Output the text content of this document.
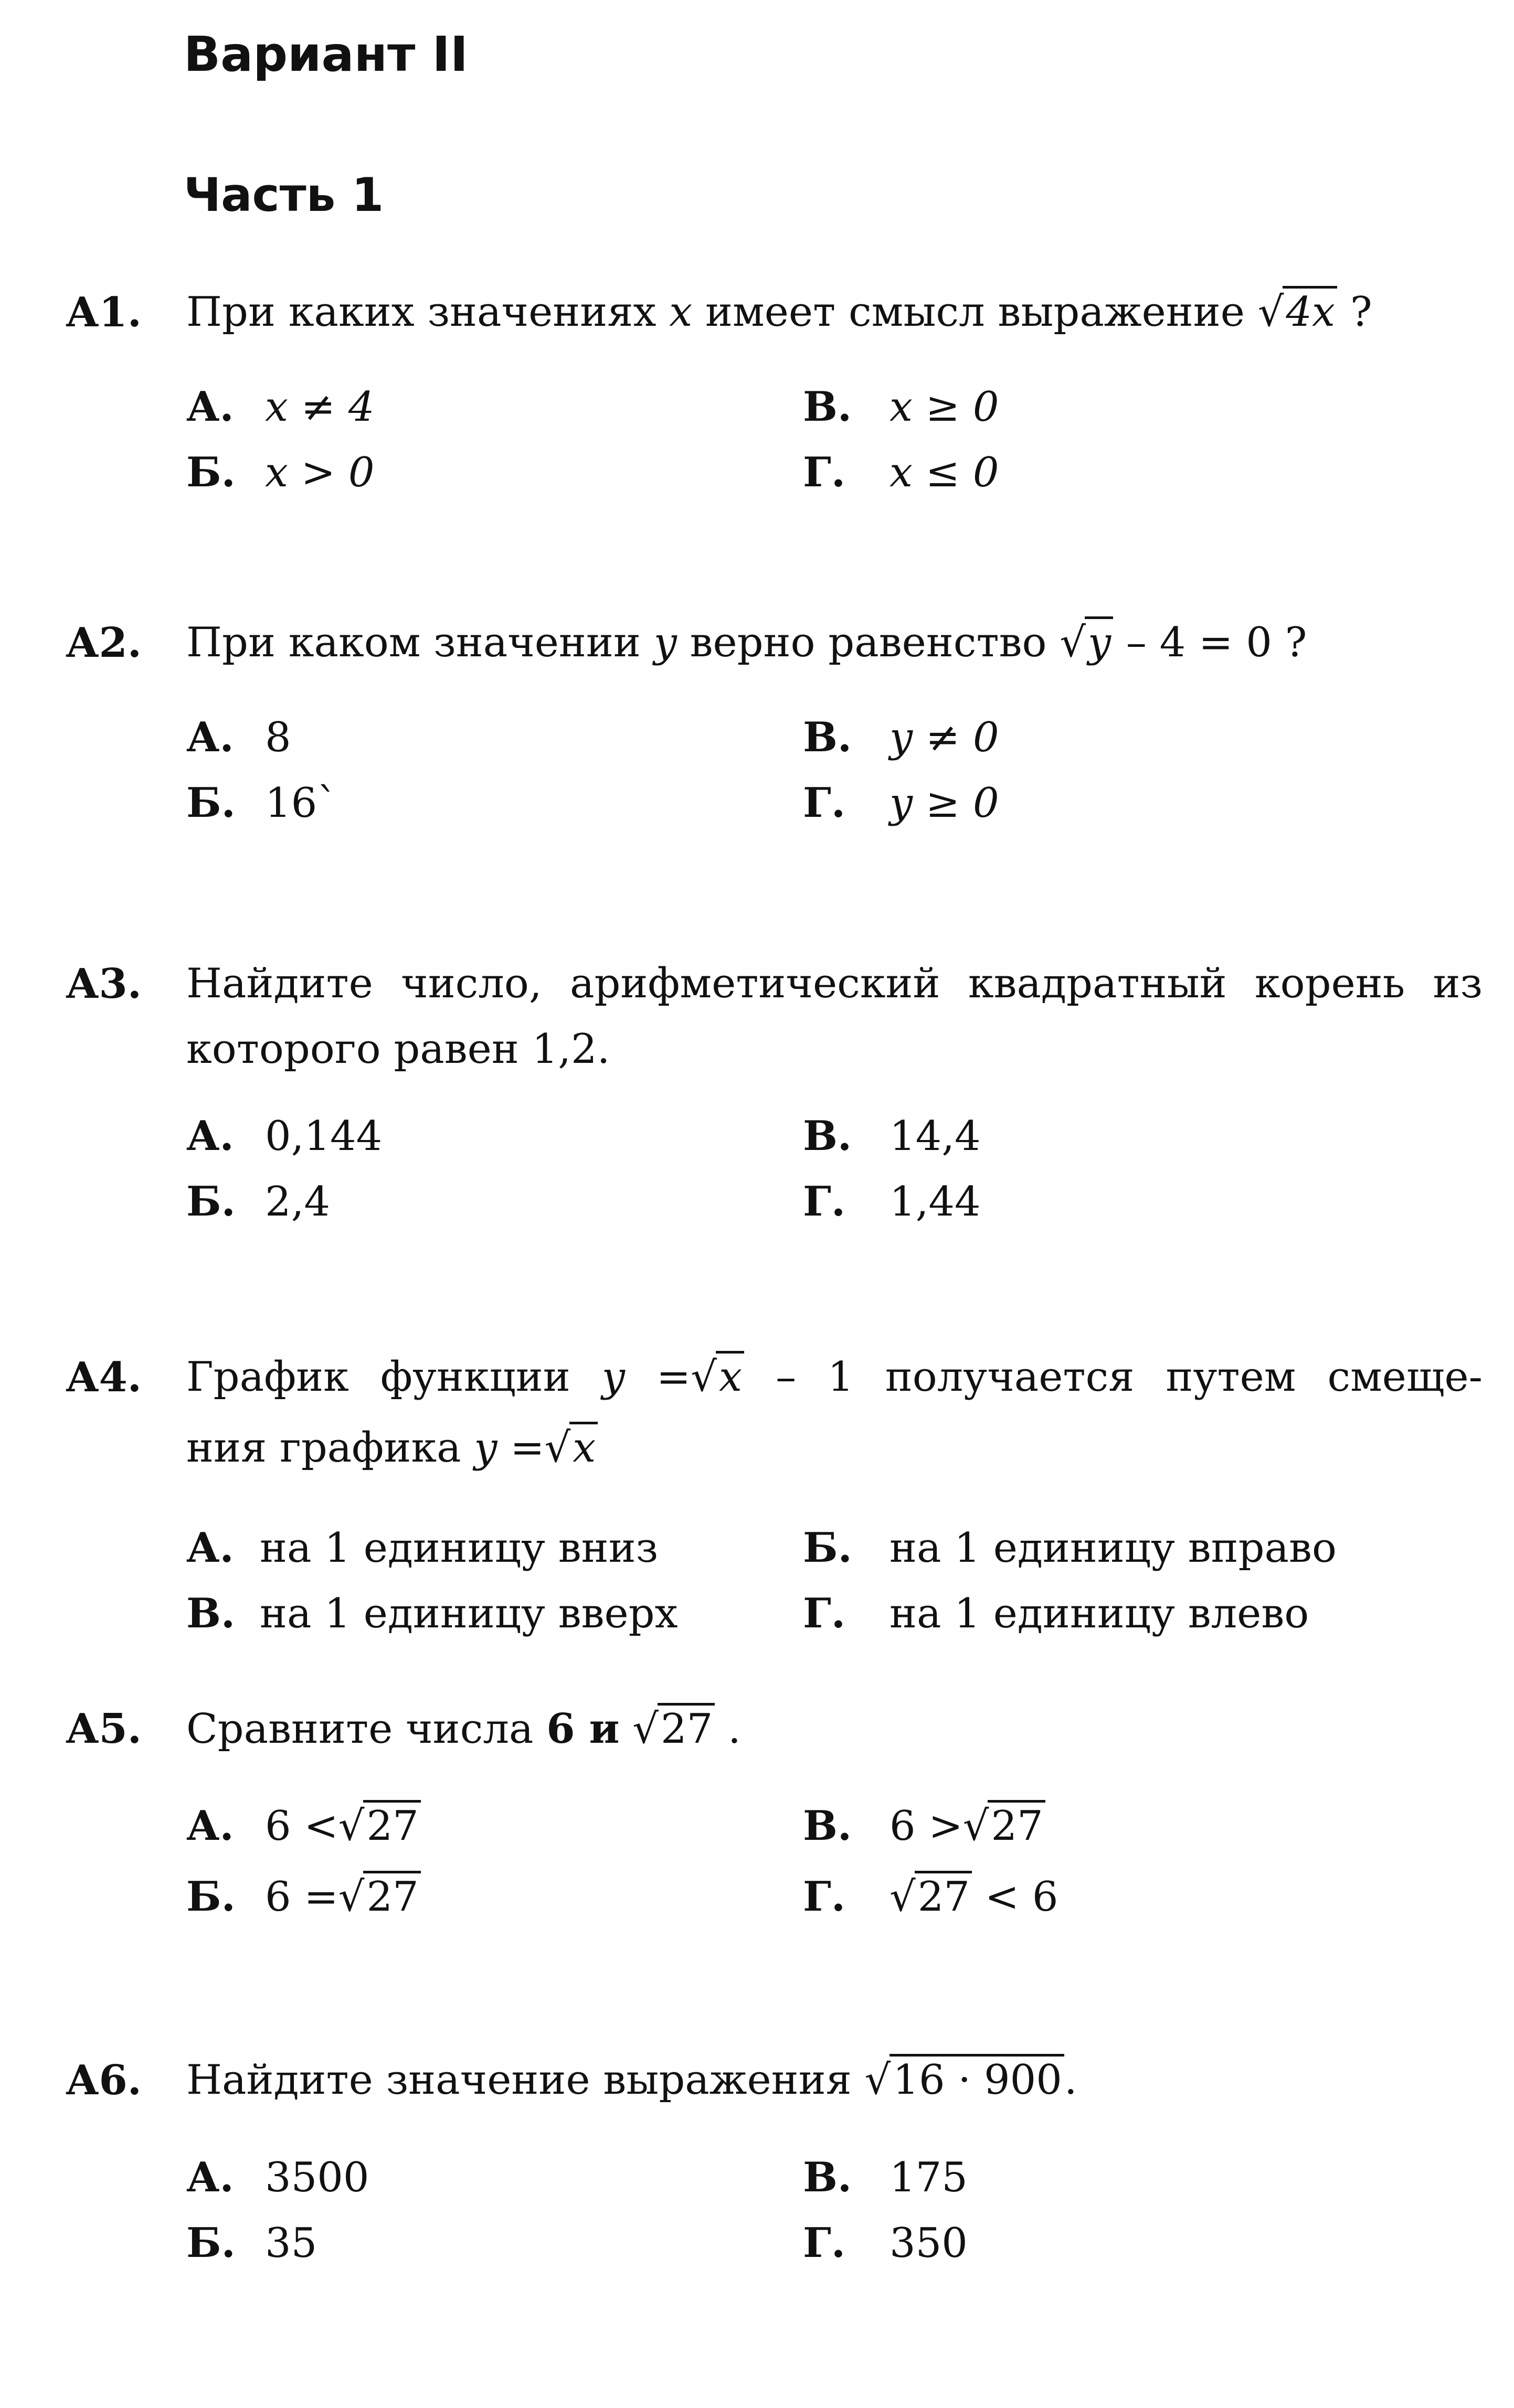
Вариант II
Часть 1
А1. При каких значениях x имеет смысл выражение √4x ?
А. x ≠ 4	В. x ≥ 0
Б. x > 0	Г. x ≤ 0
А2. При каком значении y верно равенство √y – 4 = 0 ?
А. 8	В. y ≠ 0
Б. 16`	Г. y ≥ 0
А3. Найдите число, арифметический квадратный корень из
которого равен 1,2.
А. 0,144	В. 14,4
Б. 2,4	Г. 1,44
А4. График функции y =√x – 1 получается путем смеще-
ния графика y =√x
А. на 1 единицу вниз	Б. на 1 единицу вправо
В. на 1 единицу вверх	Г. на 1 единицу влево
А5. Сравните числа 6 и √27 .
А. 6 <√27	В. 6 >√27
Б. 6 =√27	Г. √27 < 6
А6. Найдите значение выражения √16 · 900.
А. 3500	В. 175
Б. 35	Г. 350
